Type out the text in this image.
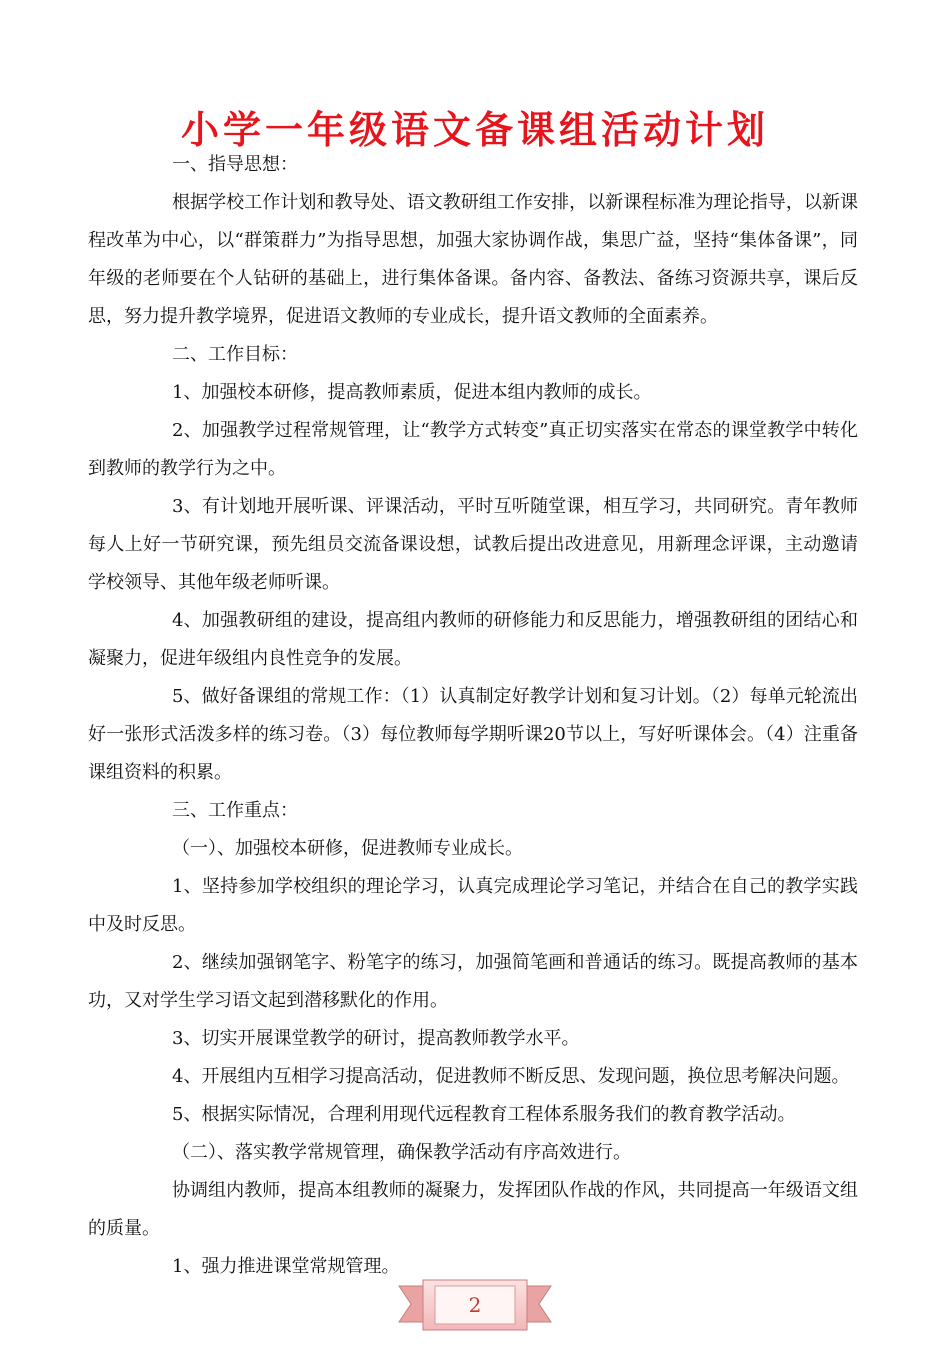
小学一年级语文备课组活动计划

一、指导思想：

根据学校工作计划和教导处、语文教研组工作安排，以新课程标准为理论指导，以新课程改革为中心，以“群策群力”为指导思想，加强大家协调作战，集思广益，坚持“集体备课”，同年级的老师要在个人钻研的基础上，进行集体备课。备内容、备教法、备练习资源共享，课后反思，努力提升教学境界，促进语文教师的专业成长，提升语文教师的全面素养。

二、工作目标：

1、加强校本研修，提高教师素质，促进本组内教师的成长。

2、加强教学过程常规管理，让“教学方式转变”真正切实落实在常态的课堂教学中转化到教师的教学行为之中。

3、有计划地开展听课、评课活动，平时互听随堂课，相互学习，共同研究。青年教师每人上好一节研究课，预先组员交流备课设想，试教后提出改进意见，用新理念评课，主动邀请学校领导、其他年级老师听课。

4、加强教研组的建设，提高组内教师的研修能力和反思能力，增强教研组的团结心和凝聚力，促进年级组内良性竞争的发展。

5、做好备课组的常规工作：（1）认真制定好教学计划和复习计划。（2）每单元轮流出好一张形式活泼多样的练习卷。（3）每位教师每学期听课20节以上，写好听课体会。（4）注重备课组资料的积累。

三、工作重点：

（一）、加强校本研修，促进教师专业成长。

1、坚持参加学校组织的理论学习，认真完成理论学习笔记，并结合在自己的教学实践中及时反思。

2、继续加强钢笔字、粉笔字的练习，加强简笔画和普通话的练习。既提高教师的基本功，又对学生学习语文起到潜移默化的作用。

3、切实开展课堂教学的研讨，提高教师教学水平。

4、开展组内互相学习提高活动，促进教师不断反思、发现问题，换位思考解决问题。

5、根据实际情况，合理利用现代远程教育工程体系服务我们的教育教学活动。

（二）、落实教学常规管理，确保教学活动有序高效进行。

协调组内教师，提高本组教师的凝聚力，发挥团队作战的作风，共同提高一年级语文组的质量。

1、强力推进课堂常规管理。

2
